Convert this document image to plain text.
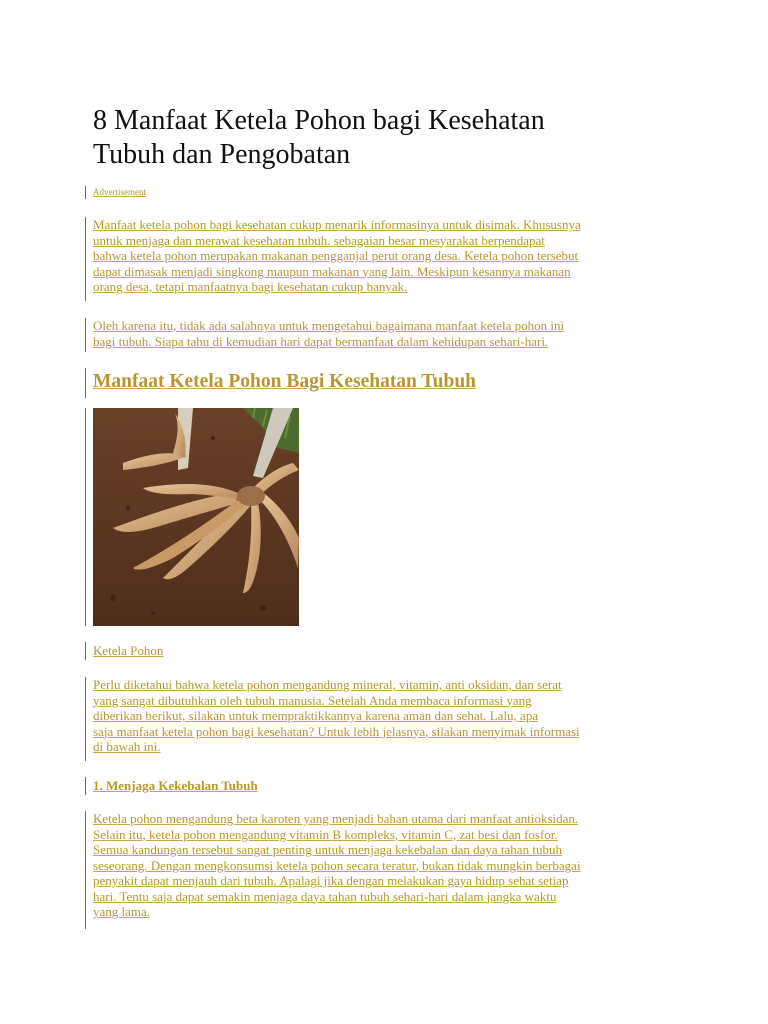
8 Manfaat Ketela Pohon bagi Kesehatan
Tubuh dan Pengobatan
Advertisement
Manfaat ketela pohon bagi kesehatan cukup menarik informasinya untuk disimak. Khususnya
untuk menjaga dan merawat kesehatan tubuh. sebagaian besar mesyarakat berpendapat
bahwa ketela pohon merupakan makanan pengganjal perut orang desa. Ketela pohon tersebut
dapat dimasak menjadi singkong maupun makanan yang lain. Meskipun kesannya makanan
orang desa, tetapi manfaatnya bagi kesehatan cukup banyak.
Oleh karena itu, tidak ada salahnya untuk mengetahui bagaimana manfaat ketela pohon ini
bagi tubuh. Siapa tahu di kemudian hari dapat bermanfaat dalam kehidupan sehari-hari.
Manfaat Ketela Pohon Bagi Kesehatan Tubuh
Ketela Pohon
Perlu diketahui bahwa ketela pohon mengandung mineral, vitamin, anti oksidan, dan serat
yang sangat dibutuhkan oleh tubuh manusia. Setelah Anda membaca informasi yang
diberikan berikut, silakan untuk mempraktikkannya karena aman dan sehat. Lalu, apa
saja manfaat ketela pohon bagi kesehatan? Untuk lebih jelasnya, silakan menyimak informasi
di bawah ini.
1. Menjaga Kekebalan Tubuh
Ketela pohon mengandung beta karoten yang menjadi bahan utama dari manfaat antioksidan.
Selain itu, ketela pohon mengandung vitamin B kompleks, vitamin C, zat besi dan fosfor.
Semua kandungan tersebut sangat penting untuk menjaga kekebalan dan daya tahan tubuh
seseorang. Dengan mengkonsumsi ketela pohon secara teratur, bukan tidak mungkin berbagai
penyakit dapat menjauh dari tubuh. Apalagi jika dengan melakukan gaya hidup sehat setiap
hari. Tentu saja dapat semakin menjaga daya tahan tubuh sehari-hari dalam jangka waktu
yang lama.
